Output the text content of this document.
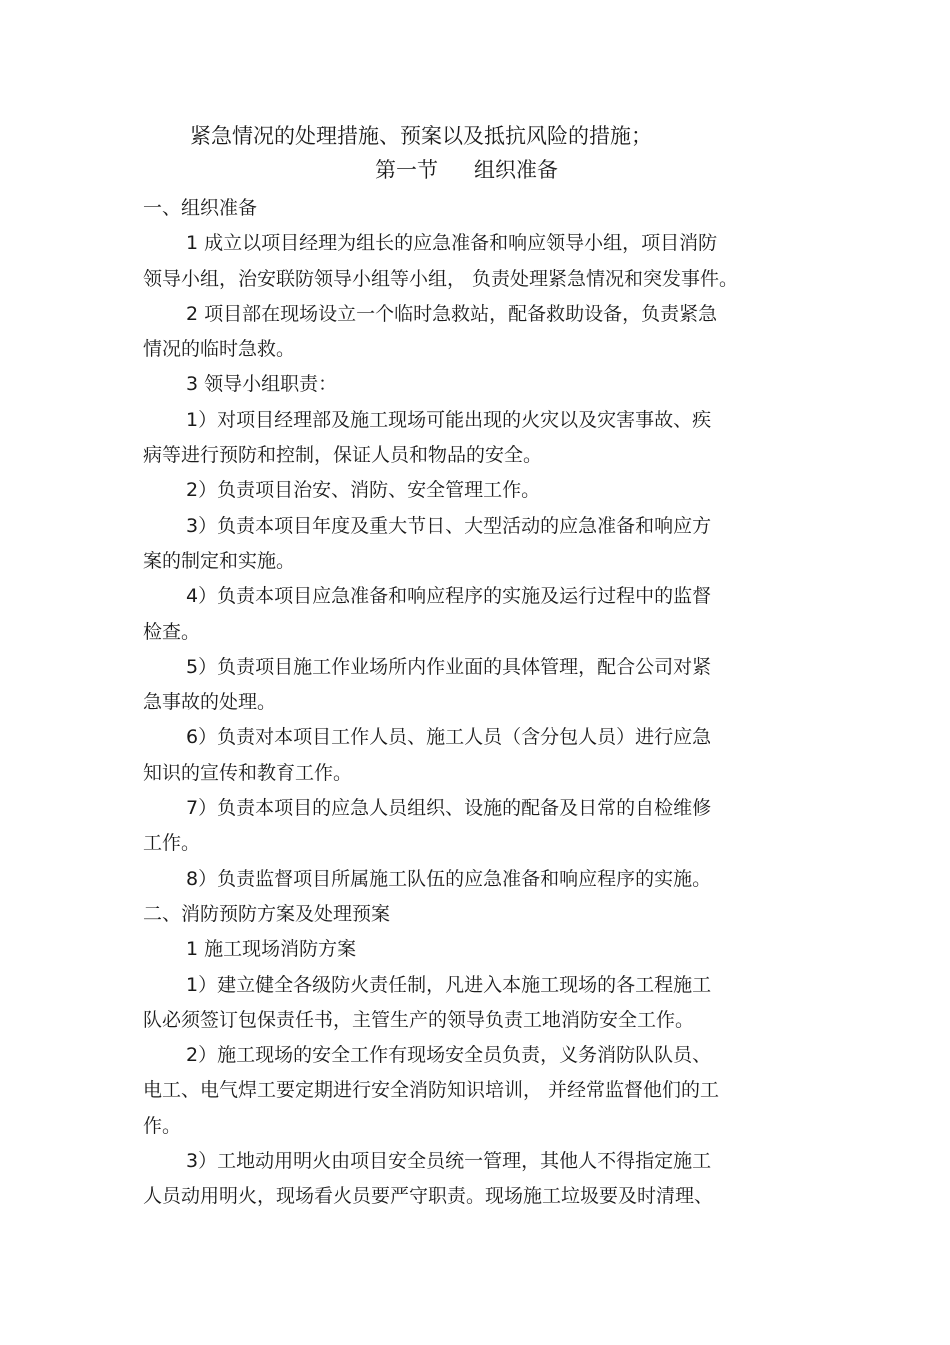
紧急情况的处理措施、预案以及抵抗风险的措施；
第一节 组织准备
一、组织准备
1 成立以项目经理为组长的应急准备和响应领导小组，项目消防
领导小组，治安联防领导小组等小组， 负责处理紧急情况和突发事件。
2 项目部在现场设立一个临时急救站，配备救助设备，负责紧急
情况的临时急救。
3 领导小组职责：
1）对项目经理部及施工现场可能出现的火灾以及灾害事故、疾
病等进行预防和控制，保证人员和物品的安全。
2）负责项目治安、消防、安全管理工作。
3）负责本项目年度及重大节日、大型活动的应急准备和响应方
案的制定和实施。
4）负责本项目应急准备和响应程序的实施及运行过程中的监督
检查。
5）负责项目施工作业场所内作业面的具体管理，配合公司对紧
急事故的处理。
6）负责对本项目工作人员、施工人员（含分包人员）进行应急
知识的宣传和教育工作。
7）负责本项目的应急人员组织、设施的配备及日常的自检维修
工作。
8）负责监督项目所属施工队伍的应急准备和响应程序的实施。
二、消防预防方案及处理预案
1 施工现场消防方案
1）建立健全各级防火责任制，凡进入本施工现场的各工程施工
队必须签订包保责任书，主管生产的领导负责工地消防安全工作。
2）施工现场的安全工作有现场安全员负责，义务消防队队员、
电工、电气焊工要定期进行安全消防知识培训， 并经常监督他们的工
作。
3）工地动用明火由项目安全员统一管理，其他人不得指定施工
人员动用明火，现场看火员要严守职责。现场施工垃圾要及时清理、
